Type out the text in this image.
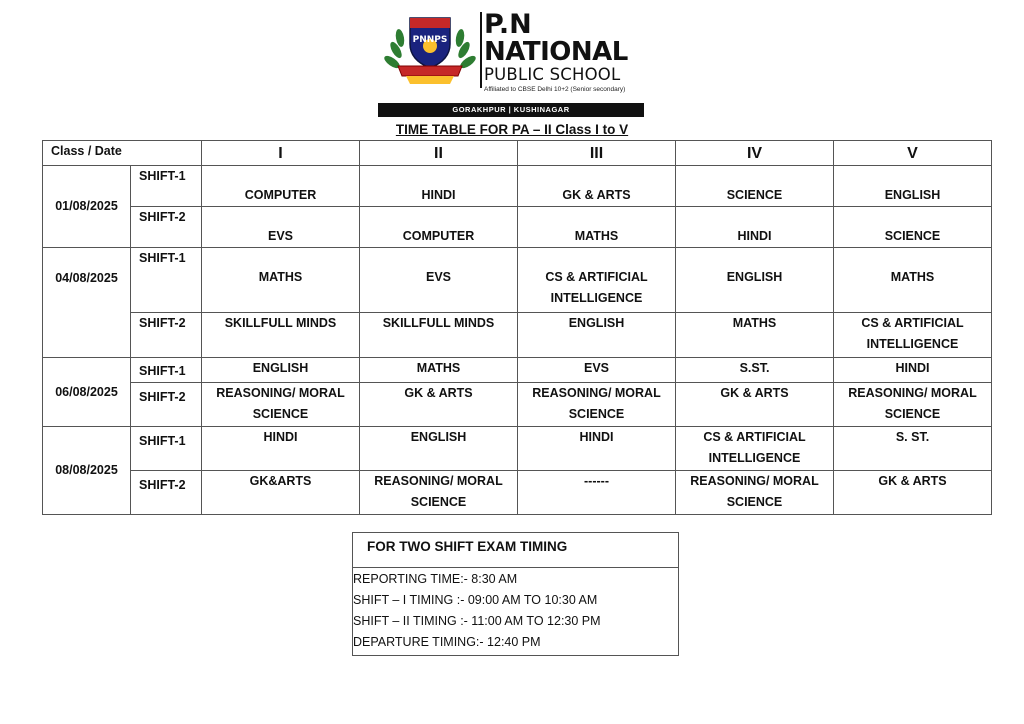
PNNPS P.N
NATIONAL
PUBLIC SCHOOL
Affiliated to CBSE Delhi 10+2 (Senior secondary)
GORAKHPUR | KUSHINAGAR
TIME TABLE FOR PA – II Class I to V
Class / Date		I	II	III	IV	V
01/08/2025	SHIFT-1	COMPUTER	HINDI	GK & ARTS	SCIENCE	ENGLISH
	SHIFT-2	EVS	COMPUTER	MATHS	HINDI	SCIENCE
04/08/2025	SHIFT-1	MATHS	EVS	CS & ARTIFICIAL INTELLIGENCE	ENGLISH	MATHS
	SHIFT-2	SKILLFULL MINDS	SKILLFULL MINDS	ENGLISH	MATHS	CS & ARTIFICIAL INTELLIGENCE
06/08/2025	SHIFT-1	ENGLISH	MATHS	EVS	S.ST.	HINDI
	SHIFT-2	REASONING/ MORAL SCIENCE	GK & ARTS	REASONING/ MORAL SCIENCE	GK & ARTS	REASONING/ MORAL SCIENCE
08/08/2025	SHIFT-1	HINDI	ENGLISH	HINDI	CS & ARTIFICIAL INTELLIGENCE	S. ST.
	SHIFT-2	GK&ARTS	REASONING/ MORAL SCIENCE	------	REASONING/ MORAL SCIENCE	GK & ARTS
FOR TWO SHIFT EXAM TIMING
REPORTING TIME:- 8:30 AM
SHIFT – I TIMING :- 09:00 AM TO 10:30 AM
SHIFT – II TIMING :- 11:00 AM TO 12:30 PM
DEPARTURE TIMING:- 12:40 PM
